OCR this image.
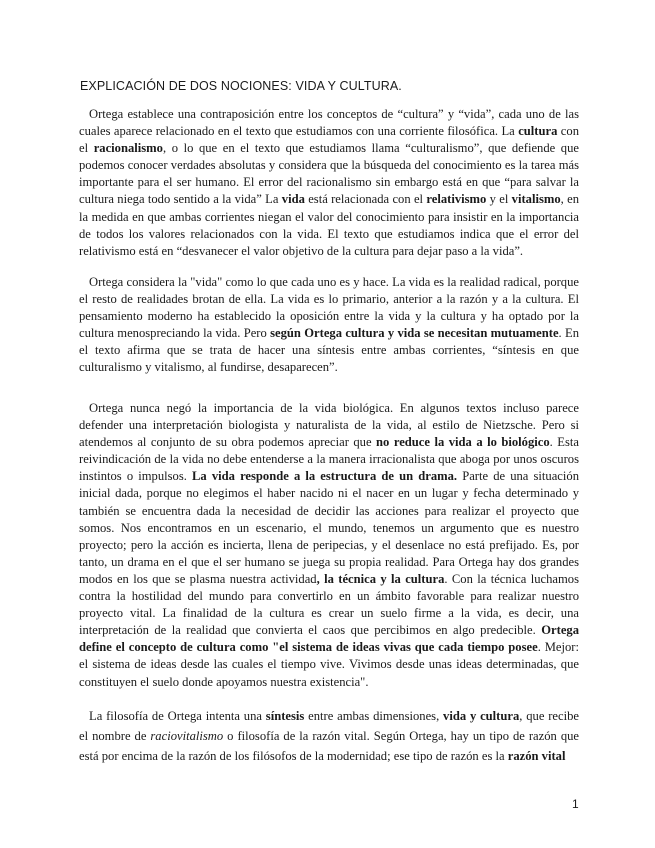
EXPLICACIÓN DE DOS NOCIONES: VIDA Y CULTURA.

Ortega establece una contraposición entre los conceptos de “cultura” y “vida”, cada uno de las cuales aparece relacionado en el texto que estudiamos con una corriente filosófica. La cultura con el racionalismo, o lo que en el texto que estudiamos llama “culturalismo”, que defiende que podemos conocer verdades absolutas y considera que la búsqueda del conocimiento es la tarea más importante para el ser humano. El error del racionalismo sin embargo está en que “para salvar la cultura niega todo sentido a la vida” La vida está relacionada con el relativismo y el vitalismo, en la medida en que ambas corrientes niegan el valor del conocimiento para insistir en la importancia de todos los valores relacionados con la vida. El texto que estudiamos indica que el error del relativismo está en “desvanecer el valor objetivo de la cultura para dejar paso a la vida”.

Ortega considera la "vida" como lo que cada uno es y hace. La vida es la realidad radical, porque el resto de realidades brotan de ella. La vida es lo primario, anterior a la razón y a la cultura. El pensamiento moderno ha establecido la oposición entre la vida y la cultura y ha optado por la cultura menospreciando la vida. Pero según Ortega cultura y vida se necesitan mutuamente. En el texto afirma que se trata de hacer una síntesis entre ambas corrientes, “síntesis en que culturalismo y vitalismo, al fundirse, desaparecen”.

Ortega nunca negó la importancia de la vida biológica. En algunos textos incluso parece defender una interpretación biologista y naturalista de la vida, al estilo de Nietzsche. Pero si atendemos al conjunto de su obra podemos apreciar que no reduce la vida a lo biológico. Esta reivindicación de la vida no debe entenderse a la manera irracionalista que aboga por unos oscuros instintos o impulsos. La vida responde a la estructura de un drama. Parte de una situación inicial dada, porque no elegimos el haber nacido ni el nacer en un lugar y fecha determinado y también se encuentra dada la necesidad de decidir las acciones para realizar el proyecto que somos. Nos encontramos en un escenario, el mundo, tenemos un argumento que es nuestro proyecto; pero la acción es incierta, llena de peripecias, y el desenlace no está prefijado. Es, por tanto, un drama en el que el ser humano se juega su propia realidad. Para Ortega hay dos grandes modos en los que se plasma nuestra actividad, la técnica y la cultura. Con la técnica luchamos contra la hostilidad del mundo para convertirlo en un ámbito favorable para realizar nuestro proyecto vital. La finalidad de la cultura es crear un suelo firme a la vida, es decir, una interpretación de la realidad que convierta el caos que percibimos en algo predecible. Ortega define el concepto de cultura como "el sistema de ideas vivas que cada tiempo posee. Mejor: el sistema de ideas desde las cuales el tiempo vive. Vivimos desde unas ideas determinadas, que constituyen el suelo donde apoyamos nuestra existencia".

La filosofía de Ortega intenta una síntesis entre ambas dimensiones, vida y cultura, que recibe el nombre de raciovitalismo o filosofía de la razón vital. Según Ortega, hay un tipo de razón que está por encima de la razón de los filósofos de la modernidad; ese tipo de razón es la razón vital

1
